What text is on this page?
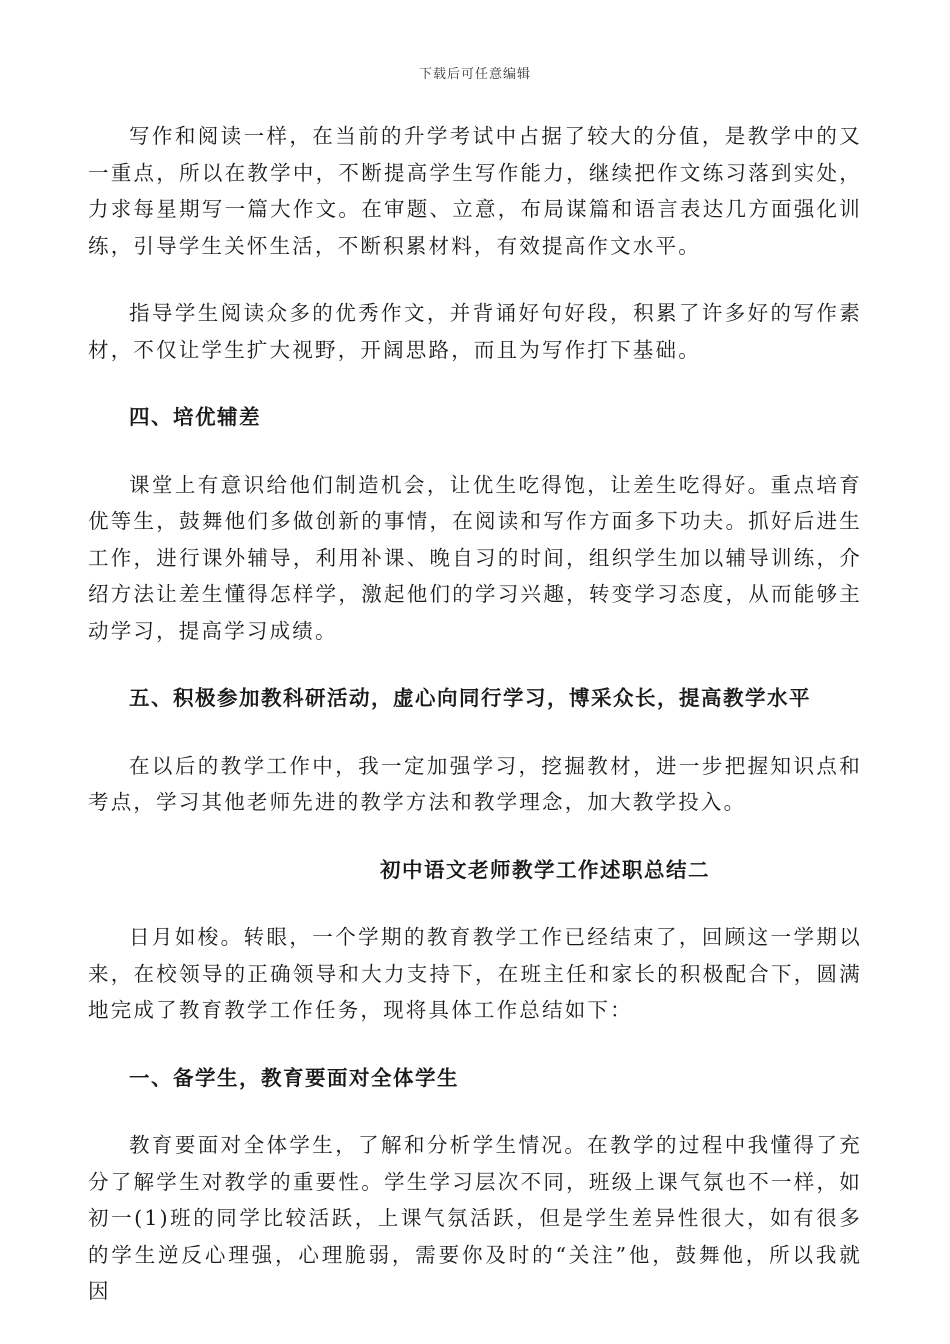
下载后可任意编辑

写作和阅读一样，在当前的升学考试中占据了较大的分值，是教学中的又一重点，所以在教学中，不断提高学生写作能力，继续把作文练习落到实处，力求每星期写一篇大作文。在审题、立意，布局谋篇和语言表达几方面强化训练，引导学生关怀生活，不断积累材料，有效提高作文水平。

指导学生阅读众多的优秀作文，并背诵好句好段，积累了许多好的写作素材，不仅让学生扩大视野，开阔思路，而且为写作打下基础。

四、培优辅差

课堂上有意识给他们制造机会，让优生吃得饱，让差生吃得好。重点培育优等生，鼓舞他们多做创新的事情，在阅读和写作方面多下功夫。抓好后进生工作，进行课外辅导，利用补课、晚自习的时间，组织学生加以辅导训练，介绍方法让差生懂得怎样学，激起他们的学习兴趣，转变学习态度，从而能够主动学习，提高学习成绩。

五、积极参加教科研活动，虚心向同行学习，博采众长，提高教学水平

在以后的教学工作中，我一定加强学习，挖掘教材，进一步把握知识点和考点，学习其他老师先进的教学方法和教学理念，加大教学投入。

初中语文老师教学工作述职总结二

日月如梭。转眼，一个学期的教育教学工作已经结束了，回顾这一学期以来，在校领导的正确领导和大力支持下，在班主任和家长的积极配合下，圆满地完成了教育教学工作任务，现将具体工作总结如下：

一、备学生，教育要面对全体学生

教育要面对全体学生，了解和分析学生情况。在教学的过程中我懂得了充分了解学生对教学的重要性。学生学习层次不同，班级上课气氛也不一样，如初一(1)班的同学比较活跃，上课气氛活跃，但是学生差异性很大，如有很多的学生逆反心理强，心理脆弱，需要你及时的“关注”他，鼓舞他，所以我就因
